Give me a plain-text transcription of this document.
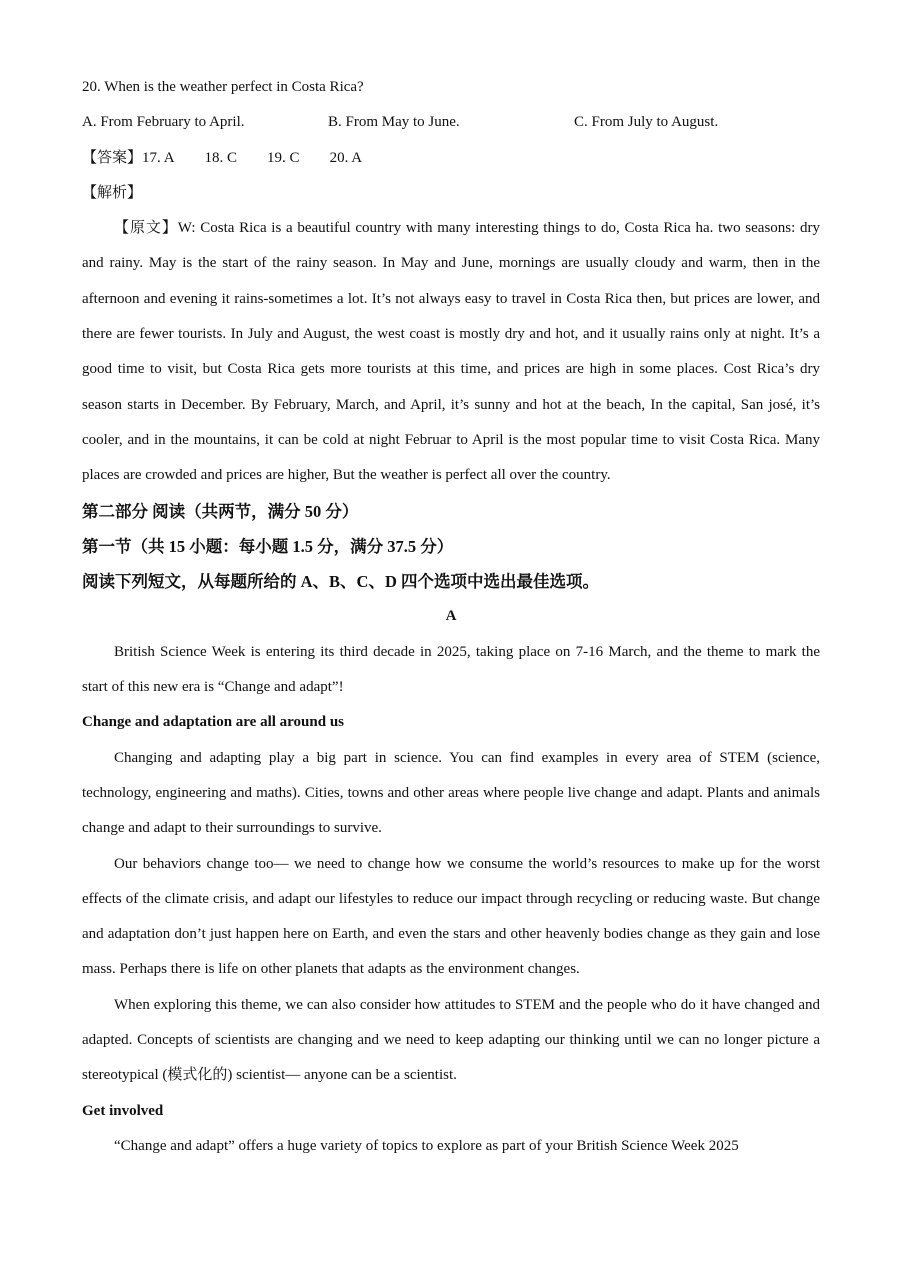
20. When is the weather perfect in Costa Rica?
A. From February to April.	B. From May to June.	C. From July to August.
【答案】 17. A 18. C 19. C 20. A
【解析】

【原文】W: Costa Rica is a beautiful country with many interesting things to do, Costa Rica ha. two seasons: dry and rainy. May is the start of the rainy season. In May and June, mornings are usually cloudy and warm, then in the afternoon and evening it rains-sometimes a lot. It’s not always easy to travel in Costa Rica then, but prices are lower, and there are fewer tourists. In July and August, the west coast is mostly dry and hot, and it usually rains only at night. It’s a good time to visit, but Costa Rica gets more tourists at this time, and prices are high in some places. Cost Rica’s dry season starts in December. By February, March, and April, it’s sunny and hot at the beach, In the capital, San josé, it’s cooler, and in the mountains, it can be cold at night Februar to April is the most popular time to visit Costa Rica. Many places are crowded and prices are higher, But the weather is perfect all over the country.

第二部分 阅读（共两节，满分 50 分）
第一节（共 15 小题：每小题 1.5 分，满分 37.5 分）
阅读下列短文，从每题所给的 A、B、C、D 四个选项中选出最佳选项。
A

British Science Week is entering its third decade in 2025, taking place on 7-16 March, and the theme to mark the start of this new era is “Change and adapt”!

Change and adaptation are all around us

Changing and adapting play a big part in science. You can find examples in every area of STEM (science, technology, engineering and maths). Cities, towns and other areas where people live change and adapt. Plants and animals change and adapt to their surroundings to survive.

Our behaviors change too— we need to change how we consume the world’s resources to make up for the worst effects of the climate crisis, and adapt our lifestyles to reduce our impact through recycling or reducing waste. But change and adaptation don’t just happen here on Earth, and even the stars and other heavenly bodies change as they gain and lose mass. Perhaps there is life on other planets that adapts as the environment changes.

When exploring this theme, we can also consider how attitudes to STEM and the people who do it have changed and adapted. Concepts of scientists are changing and we need to keep adapting our thinking until we can no longer picture a stereotypical (模式化的) scientist— anyone can be a scientist.

Get involved

“Change and adapt” offers a huge variety of topics to explore as part of your British Science Week 2025
